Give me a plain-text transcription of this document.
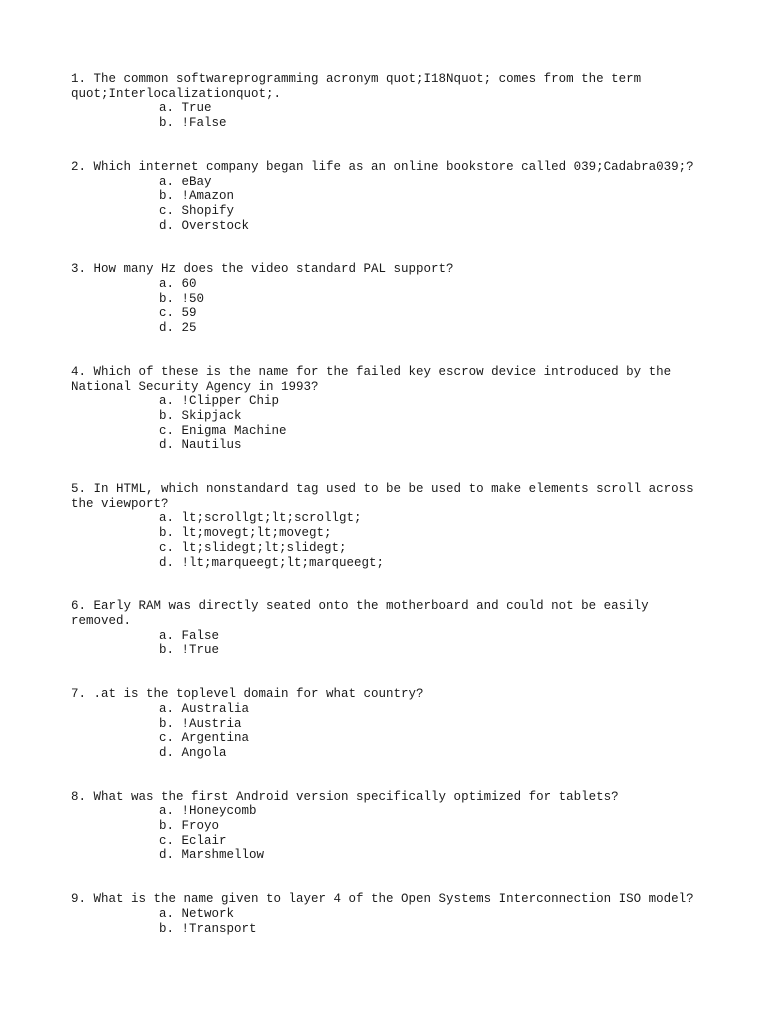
1. The common softwareprogramming acronym quot;I18Nquot; comes from the term quot;Interlocalizationquot;.

a. True
b. !False

2. Which internet company began life as an online bookstore called 039;Cadabra039;?

a. eBay
b. !Amazon
c. Shopify
d. Overstock

3. How many Hz does the video standard PAL support?

a. 60
b. !50
c. 59
d. 25

4. Which of these is the name for the failed key escrow device introduced by the National Security Agency in 1993?

a. !Clipper Chip
b. Skipjack
c. Enigma Machine
d. Nautilus

5. In HTML, which nonstandard tag used to be be used to make elements scroll across the viewport?

a. lt;scrollgt;lt;scrollgt;
b. lt;movegt;lt;movegt;
c. lt;slidegt;lt;slidegt;
d. !lt;marqueegt;lt;marqueegt;

6. Early RAM was directly seated onto the motherboard and could not be easily removed.

a. False
b. !True

7. .at is the toplevel domain for what country?

a. Australia
b. !Austria
c. Argentina
d. Angola

8. What was the first Android version specifically optimized for tablets?

a. !Honeycomb
b. Froyo
c. Eclair
d. Marshmellow

9. What is the name given to layer 4 of the Open Systems Interconnection ISO model?

a. Network
b. !Transport
